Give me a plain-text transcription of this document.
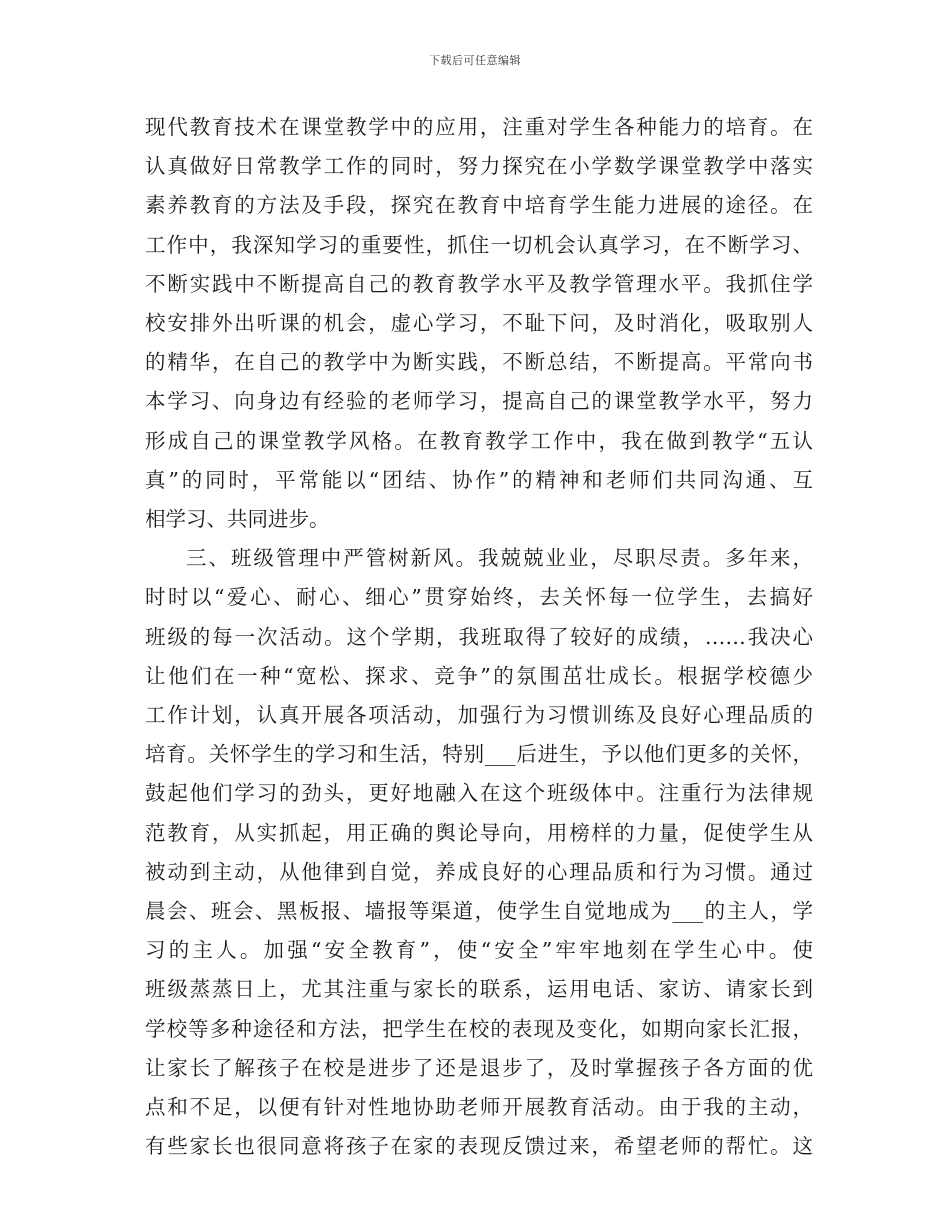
下载后可任意编辑
现代教育技术在课堂教学中的应用，注重对学生各种能力的培育。在
认真做好日常教学工作的同时，努力探究在小学数学课堂教学中落实
素养教育的方法及手段，探究在教育中培育学生能力进展的途径。在
工作中，我深知学习的重要性，抓住一切机会认真学习，在不断学习、
不断实践中不断提高自己的教育教学水平及教学管理水平。我抓住学
校安排外出听课的机会，虚心学习，不耻下问，及时消化，吸取别人
的精华，在自己的教学中为断实践，不断总结，不断提高。平常向书
本学习、向身边有经验的老师学习，提高自己的课堂教学水平，努力
形成自己的课堂教学风格。在教育教学工作中，我在做到教学“五认
真”的同时，平常能以“团结、协作”的精神和老师们共同沟通、互
相学习、共同进步。
三、班级管理中严管树新风。我兢兢业业，尽职尽责。多年来，
时时以“爱心、耐心、细心”贯穿始终，去关怀每一位学生，去搞好
班级的每一次活动。这个学期，我班取得了较好的成绩，……我决心
让他们在一种“宽松、探求、竞争”的氛围茁壮成长。根据学校德少
工作计划，认真开展各项活动，加强行为习惯训练及良好心理品质的
培育。关怀学生的学习和生活，特别___后进生，予以他们更多的关怀，
鼓起他们学习的劲头，更好地融入在这个班级体中。注重行为法律规
范教育，从实抓起，用正确的舆论导向，用榜样的力量，促使学生从
被动到主动，从他律到自觉，养成良好的心理品质和行为习惯。通过
晨会、班会、黑板报、墙报等渠道，使学生自觉地成为___的主人，学
习的主人。加强“安全教育”，使“安全”牢牢地刻在学生心中。使
班级蒸蒸日上，尤其注重与家长的联系，运用电话、家访、请家长到
学校等多种途径和方法，把学生在校的表现及变化，如期向家长汇报，
让家长了解孩子在校是进步了还是退步了，及时掌握孩子各方面的优
点和不足，以便有针对性地协助老师开展教育活动。由于我的主动，
有些家长也很同意将孩子在家的表现反馈过来，希望老师的帮忙。这
